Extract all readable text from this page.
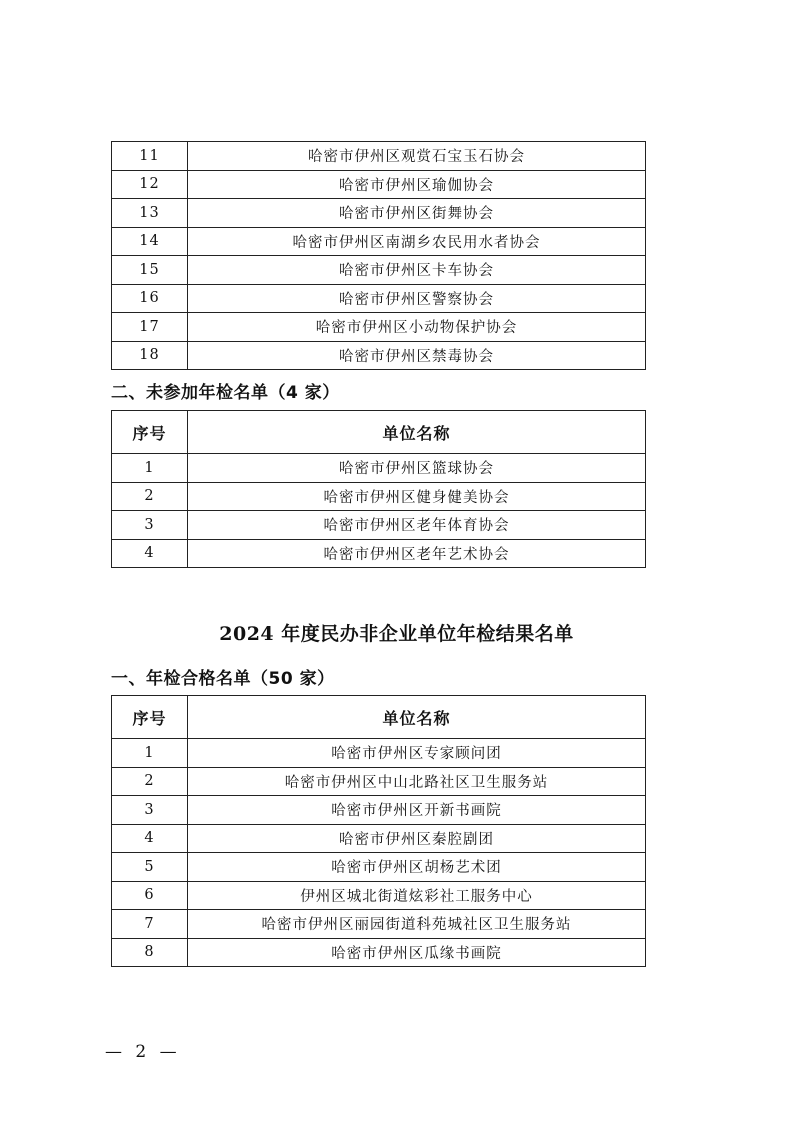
11	哈密市伊州区观赏石宝玉石协会
12	哈密市伊州区瑜伽协会
13	哈密市伊州区街舞协会
14	哈密市伊州区南湖乡农民用水者协会
15	哈密市伊州区卡车协会
16	哈密市伊州区警察协会
17	哈密市伊州区小动物保护协会
18	哈密市伊州区禁毒协会
二、未参加年检名单（4 家）
序号	单位名称
1	哈密市伊州区篮球协会
2	哈密市伊州区健身健美协会
3	哈密市伊州区老年体育协会
4	哈密市伊州区老年艺术协会
2024 年度民办非企业单位年检结果名单
一、年检合格名单（50 家）
序号	单位名称
1	哈密市伊州区专家顾问团
2	哈密市伊州区中山北路社区卫生服务站
3	哈密市伊州区开新书画院
4	哈密市伊州区秦腔剧团
5	哈密市伊州区胡杨艺术团
6	伊州区城北街道炫彩社工服务中心
7	哈密市伊州区丽园街道科苑城社区卫生服务站
8	哈密市伊州区瓜缘书画院
— 2 —
